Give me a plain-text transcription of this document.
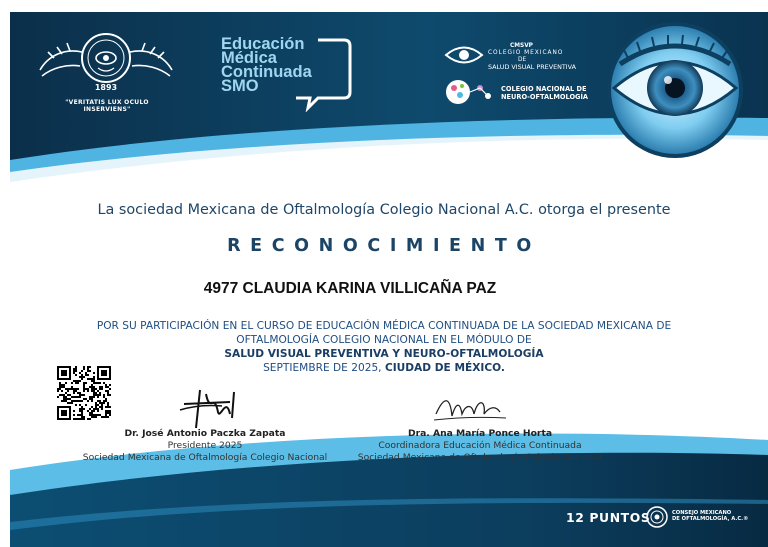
1893
"VERITATIS LUX OCULO INSERVIENS"
Educación
Médica
Continuada
SMO
CMSVP
COLEGIO MEXICANO
DE
SALUD VISUAL PREVENTIVA
COLEGIO NACIONAL DE
NEURO-OFTALMOLOGÍA
La sociedad Mexicana de Oftalmología Colegio Nacional A.C. otorga el presente
RECONOCIMIENTO
4977 CLAUDIA KARINA VILLICAÑA PAZ
POR SU PARTICIPACIÓN EN EL CURSO DE EDUCACIÓN MÉDICA CONTINUADA DE LA SOCIEDAD MEXICANA DE
OFTALMOLOGÍA COLEGIO NACIONAL EN EL MÓDULO DE
SALUD VISUAL PREVENTIVA Y NEURO-OFTALMOLOGÍA
SEPTIEMBRE DE 2025, CIUDAD DE MÉXICO.
Dr. José Antonio Paczka Zapata
Presidente 2025
Sociedad Mexicana de Oftalmología Colegio Nacional
Dra. Ana María Ponce Horta
Coordinadora Educación Médica Continuada
Sociedad Mexicana de Oftalmología Colegio Nacional
12 PUNTOS	CONSEJO MEXICANO
DE OFTALMOLOGÍA, A.C.®
